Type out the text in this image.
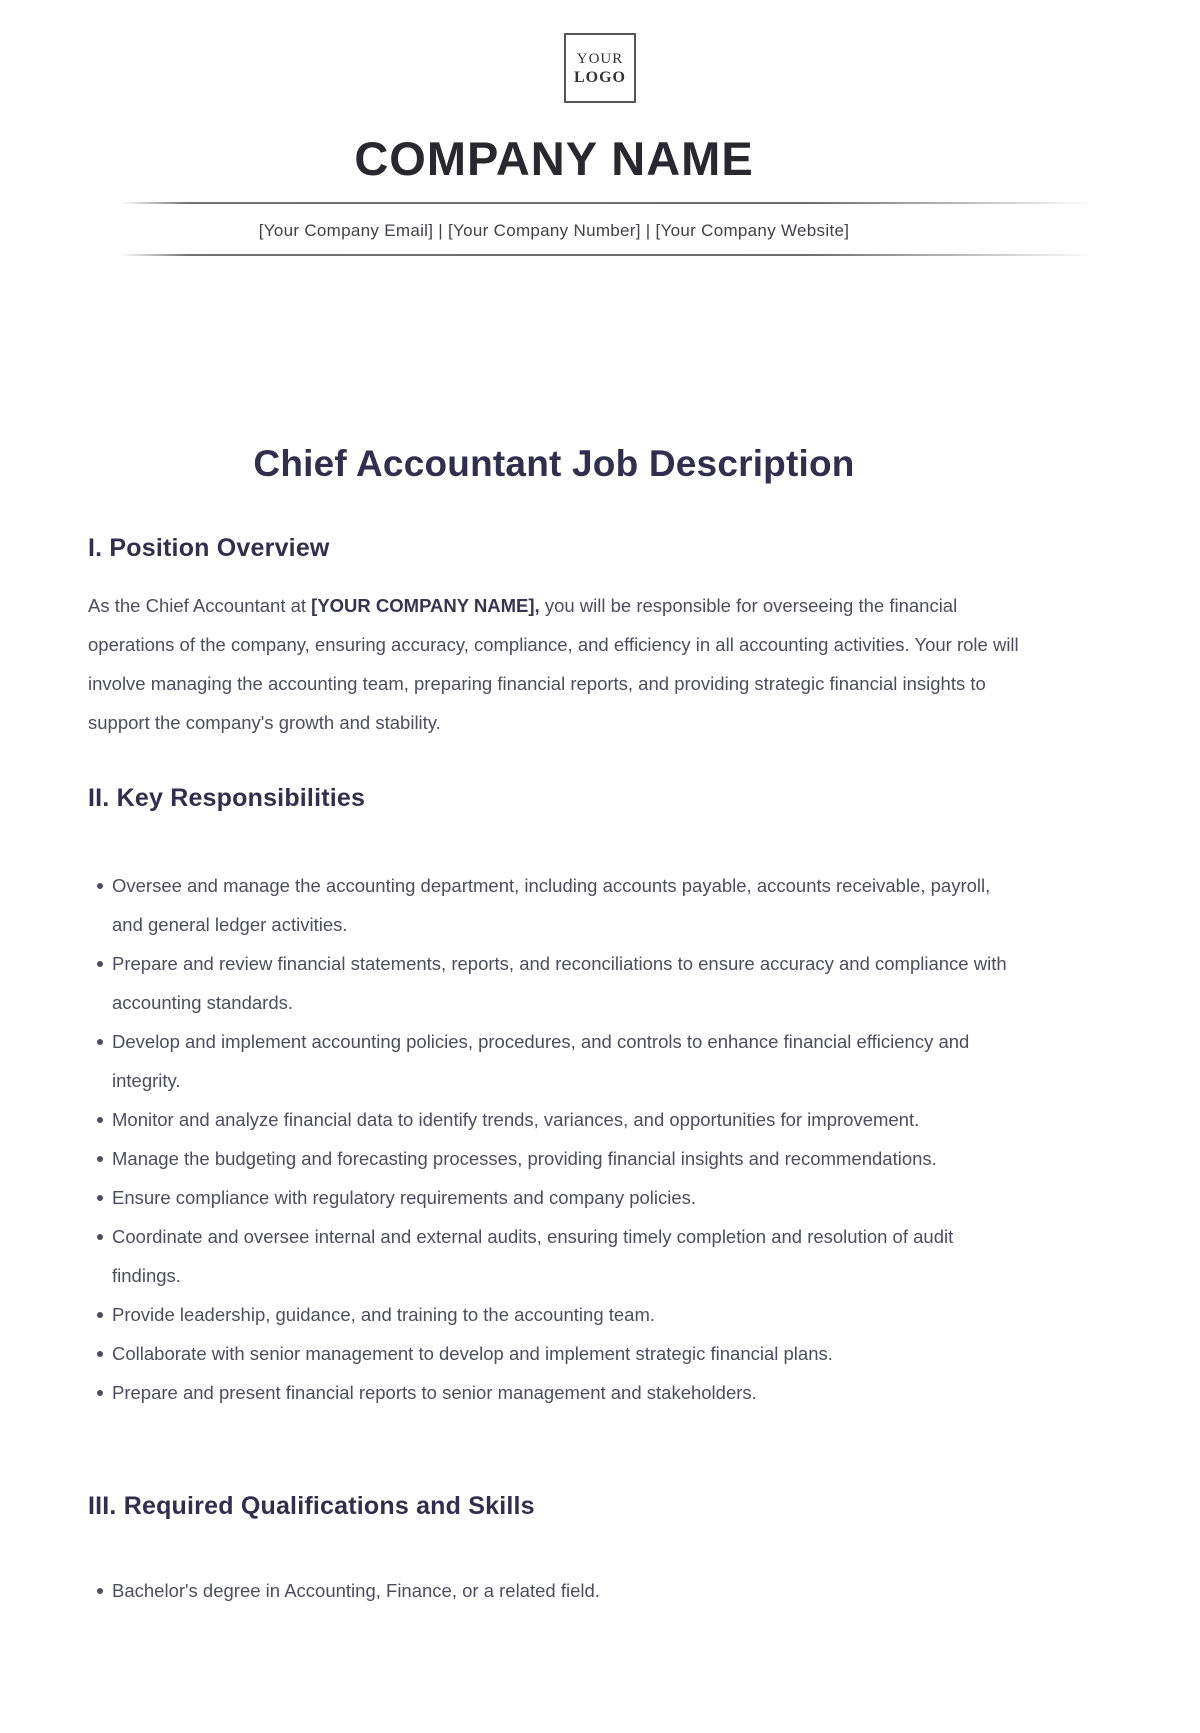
YOUR
LOGO
COMPANY NAME
[Your Company Email] | [Your Company Number] | [Your Company Website]
Chief Accountant Job Description
I. Position Overview

As the Chief Accountant at [YOUR COMPANY NAME], you will be responsible for overseeing the financial operations of the company, ensuring accuracy, compliance, and efficiency in all accounting activities. Your role will involve managing the accounting team, preparing financial reports, and providing strategic financial insights to support the company's growth and stability.

II. Key Responsibilities
Oversee and manage the accounting department, including accounts payable, accounts receivable, payroll, and general ledger activities.
Prepare and review financial statements, reports, and reconciliations to ensure accuracy and compliance with accounting standards.
Develop and implement accounting policies, procedures, and controls to enhance financial efficiency and integrity.
Monitor and analyze financial data to identify trends, variances, and opportunities for improvement.
Manage the budgeting and forecasting processes, providing financial insights and recommendations.
Ensure compliance with regulatory requirements and company policies.
Coordinate and oversee internal and external audits, ensuring timely completion and resolution of audit findings.
Provide leadership, guidance, and training to the accounting team.
Collaborate with senior management to develop and implement strategic financial plans.
Prepare and present financial reports to senior management and stakeholders.
III. Required Qualifications and Skills
Bachelor's degree in Accounting, Finance, or a related field.
